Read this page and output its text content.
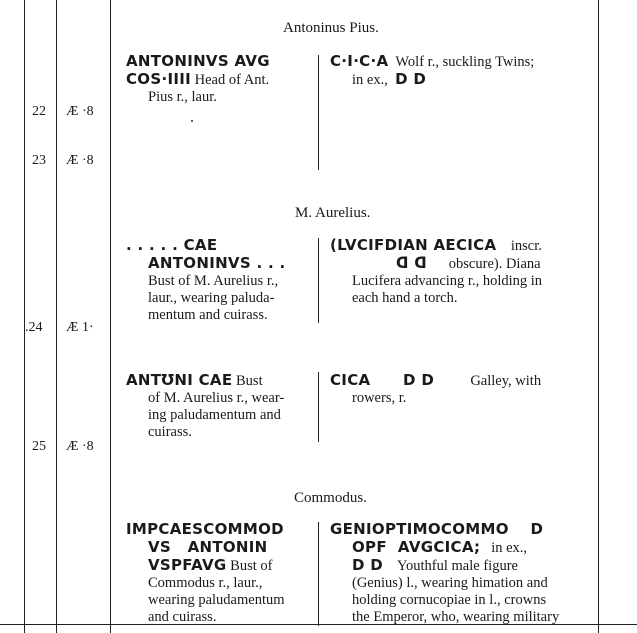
Antoninus Pius.
ANTONINVS AVG
COS·IIII Head of Ant.
Pius r., laur.
C·I·C·A Wolf r., suckling Twins;
in ex., D D
22 Æ ·8
23 Æ ·8
M. Aurelius.
. . . . . CAE
ANTONINVS . . .
Bust of M. Aurelius r.,
laur., wearing paluda-
mentum and cuirass.
(LVCIFDIAN AECICA inscr.
ᗡ ᗡ obscure). Diana
Lucifera advancing r., holding in
each hand a torch.
.24 Æ 1·
ANTƱNI CAE Bust
of M. Aurelius r., wear-
ing paludamentum and
cuirass.
CICA D D	Galley, with
rowers, r.
25 Æ ·8
Commodus.
IMPCAESCOMMOD
VS   ANTONIN
VSPFAVG Bust of
Commodus r., laur.,
wearing paludamentum
and cuirass.
GENIOPTIMOCOMMO D
OPF  AVGCICA; in ex.,
D D Youthful male figure
(Genius) l., wearing himation and
holding cornucopiae in l., crowns
the Emperor, who, wearing military
